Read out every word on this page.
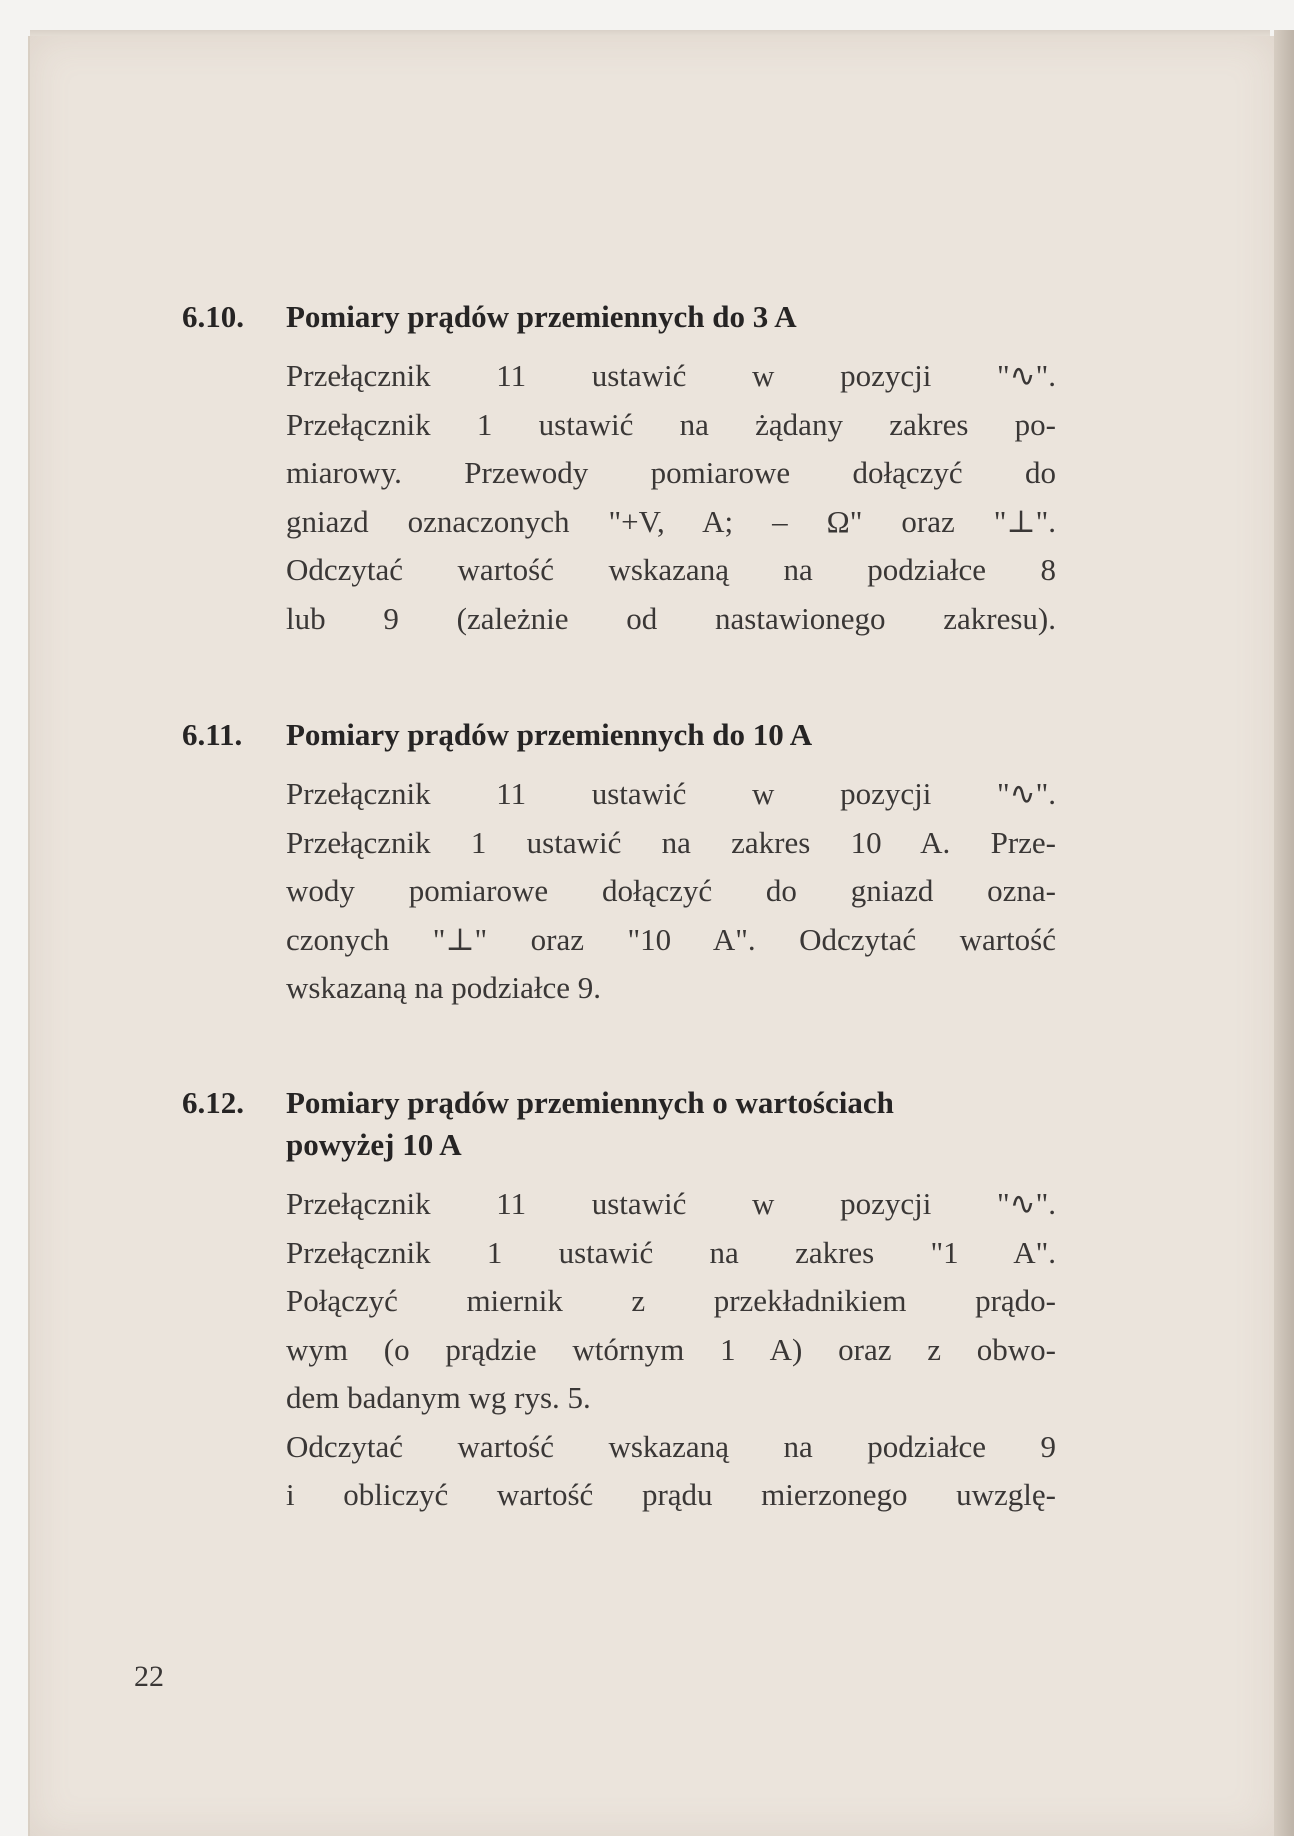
6.10.	Pomiary prądów przemiennych do 3 A
Przełącznik 11 ustawić w pozycji "∿".
Przełącznik 1 ustawić na żądany zakres po-
miarowy. Przewody pomiarowe dołączyć do
gniazd oznaczonych "+V, A; – Ω" oraz "⊥".
Odczytać wartość wskazaną na podziałce 8
lub 9 (zależnie od nastawionego zakresu).
6.11.	Pomiary prądów przemiennych do 10 A
Przełącznik 11 ustawić w pozycji "∿".
Przełącznik 1 ustawić na zakres 10 A. Prze-
wody pomiarowe dołączyć do gniazd ozna-
czonych "⊥" oraz "10 A". Odczytać wartość
wskazaną na podziałce 9.
6.12.	Pomiary prądów przemiennych o wartościach
powyżej 10 A
Przełącznik 11 ustawić w pozycji "∿".
Przełącznik 1 ustawić na zakres "1 A".
Połączyć miernik z przekładnikiem prądo-
wym (o prądzie wtórnym 1 A) oraz z obwo-
dem badanym wg rys. 5.
Odczytać wartość wskazaną na podziałce 9
i obliczyć wartość prądu mierzonego uwzglę-
22
